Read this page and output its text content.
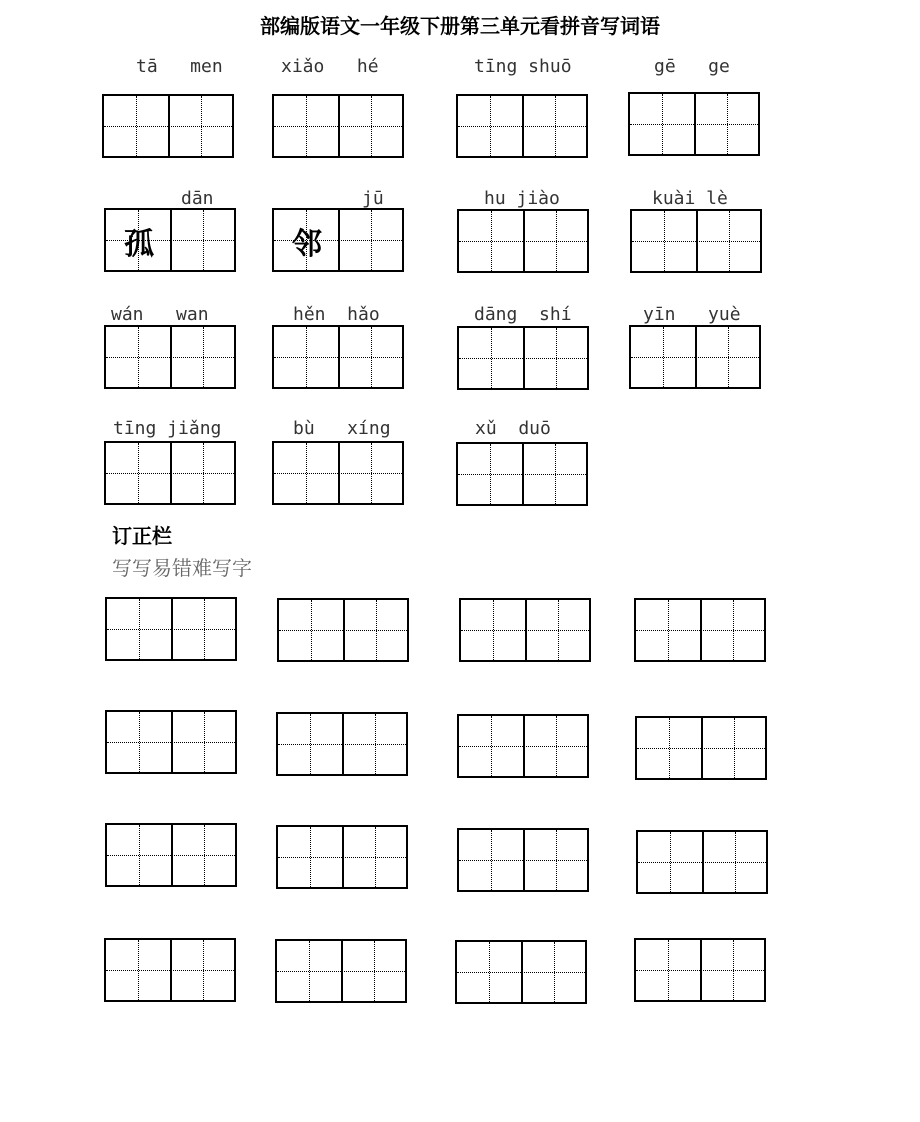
部编版语文一年级下册第三单元看拼音写词语
tā   men	xiǎo   hé	tīng shuō	gē   ge
dān	jū	hu jiào	kuài lè
孤	邻
wán   wan	hěn  hǎo	dāng  shí	yīn   yuè
tīng jiǎng	bù   xíng	xǔ  duō
订正栏
写写易错难写字
